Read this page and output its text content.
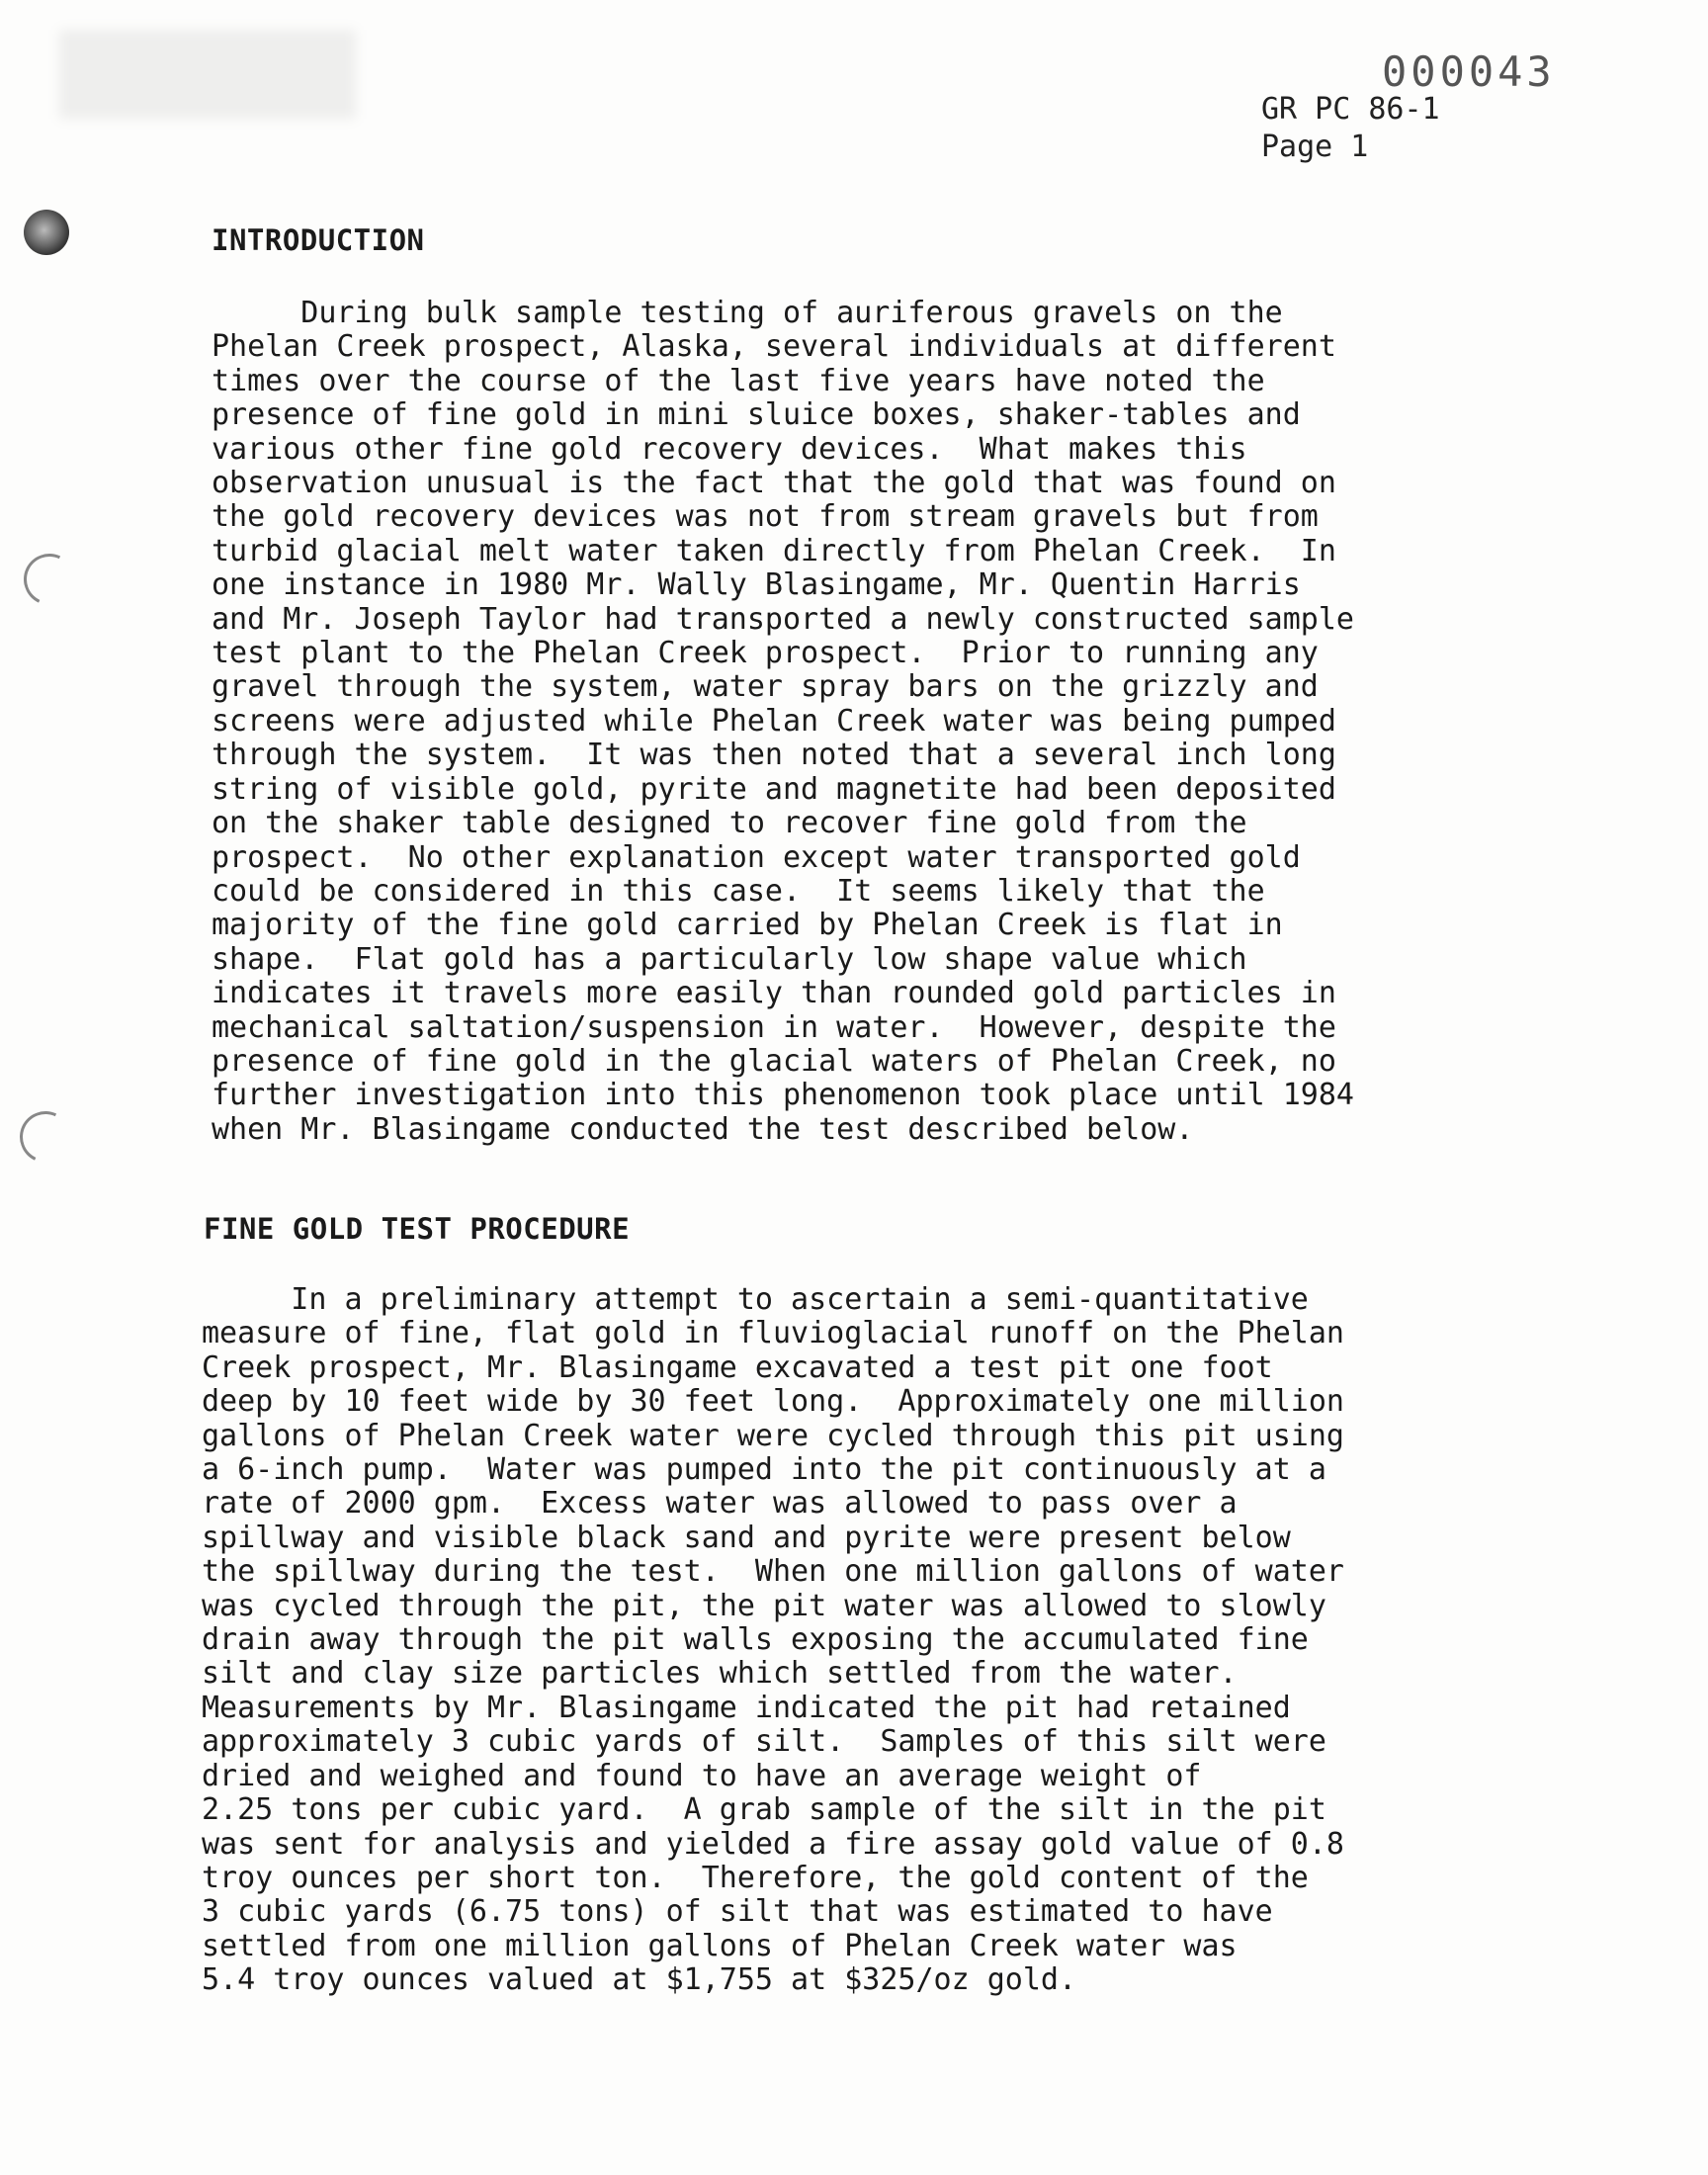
000043
GR PC 86-1
Page 1
INTRODUCTION
During bulk sample testing of auriferous gravels on the
Phelan Creek prospect, Alaska, several individuals at different
times over the course of the last five years have noted the
presence of fine gold in mini sluice boxes, shaker-tables and
various other fine gold recovery devices.  What makes this
observation unusual is the fact that the gold that was found on
the gold recovery devices was not from stream gravels but from
turbid glacial melt water taken directly from Phelan Creek.  In
one instance in 1980 Mr. Wally Blasingame, Mr. Quentin Harris
and Mr. Joseph Taylor had transported a newly constructed sample
test plant to the Phelan Creek prospect.  Prior to running any
gravel through the system, water spray bars on the grizzly and
screens were adjusted while Phelan Creek water was being pumped
through the system.  It was then noted that a several inch long
string of visible gold, pyrite and magnetite had been deposited
on the shaker table designed to recover fine gold from the
prospect.  No other explanation except water transported gold
could be considered in this case.  It seems likely that the
majority of the fine gold carried by Phelan Creek is flat in
shape.  Flat gold has a particularly low shape value which
indicates it travels more easily than rounded gold particles in
mechanical saltation/suspension in water.  However, despite the
presence of fine gold in the glacial waters of Phelan Creek, no
further investigation into this phenomenon took place until 1984
when Mr. Blasingame conducted the test described below.
FINE GOLD TEST PROCEDURE
In a preliminary attempt to ascertain a semi-quantitative
measure of fine, flat gold in fluvioglacial runoff on the Phelan
Creek prospect, Mr. Blasingame excavated a test pit one foot
deep by 10 feet wide by 30 feet long.  Approximately one million
gallons of Phelan Creek water were cycled through this pit using
a 6-inch pump.  Water was pumped into the pit continuously at a
rate of 2000 gpm.  Excess water was allowed to pass over a
spillway and visible black sand and pyrite were present below
the spillway during the test.  When one million gallons of water
was cycled through the pit, the pit water was allowed to slowly
drain away through the pit walls exposing the accumulated fine
silt and clay size particles which settled from the water.
Measurements by Mr. Blasingame indicated the pit had retained
approximately 3 cubic yards of silt.  Samples of this silt were
dried and weighed and found to have an average weight of
2.25 tons per cubic yard.  A grab sample of the silt in the pit
was sent for analysis and yielded a fire assay gold value of 0.8
troy ounces per short ton.  Therefore, the gold content of the
3 cubic yards (6.75 tons) of silt that was estimated to have
settled from one million gallons of Phelan Creek water was
5.4 troy ounces valued at $1,755 at $325/oz gold.
